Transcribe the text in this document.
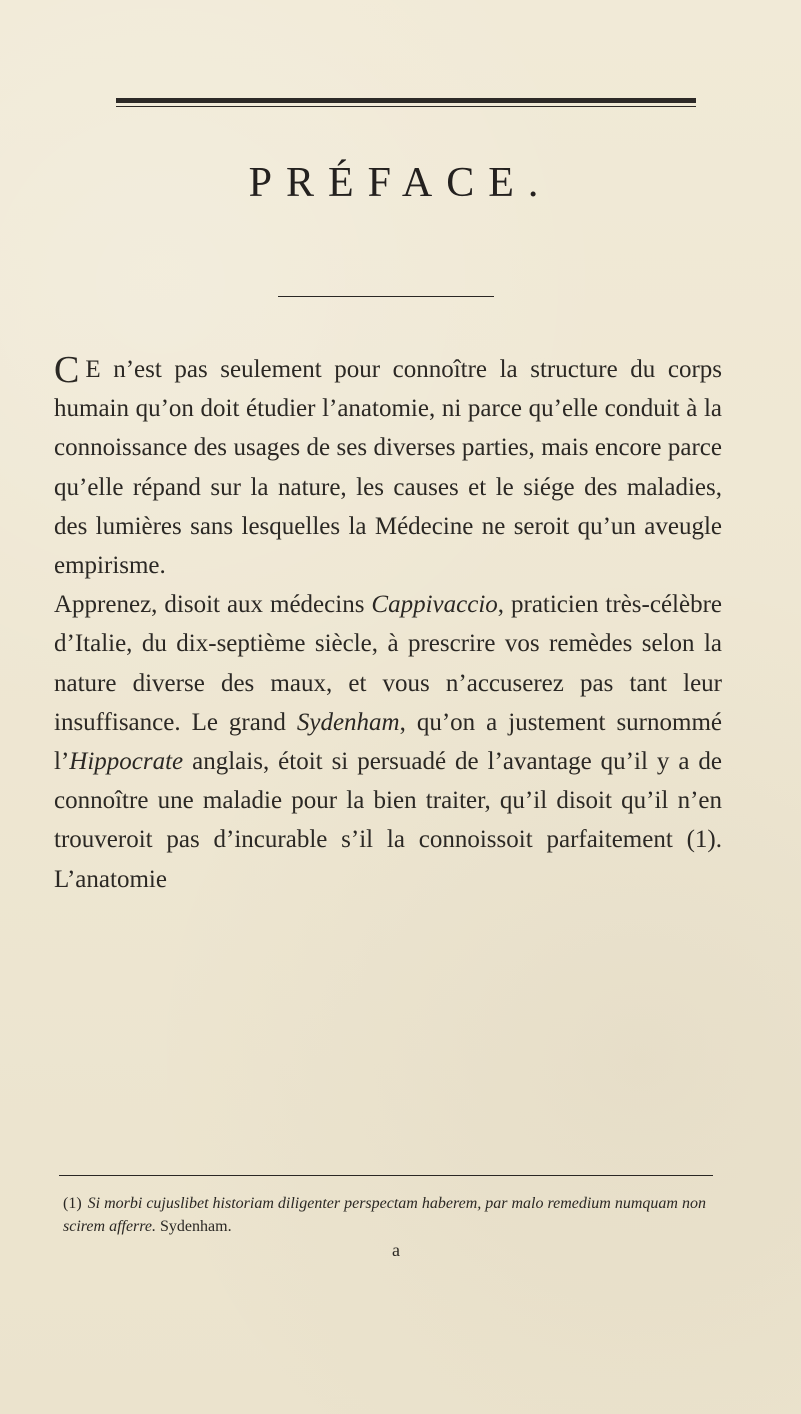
PRÉFACE.

C E n’est pas seulement pour connoître la structure du corps humain qu’on doit étudier l’anatomie, ni parce qu’elle conduit à la connoissance des usages de ses diverses parties, mais encore parce qu’elle répand sur la nature, les causes et le siége des maladies, des lumières sans lesquelles la Médecine ne seroit qu’un aveugle empirisme.

Apprenez, disoit aux médecins Cappivaccio, praticien très-célèbre d’Italie, du dix-septième siècle, à prescrire vos remèdes selon la nature diverse des maux, et vous n’accuserez pas tant leur insuffisance. Le grand Sydenham, qu’on a justement surnommé l’Hippocrate anglais, étoit si persuadé de l’avantage qu’il y a de connoître une maladie pour la bien traiter, qu’il disoit qu’il n’en trouveroit pas d’incurable s’il la connoissoit parfaitement (1). L’anatomie

(1) Si morbi cujuslibet historiam diligenter perspectam haberem, par malo remedium numquam non scirem afferre. Sydenham.
a
